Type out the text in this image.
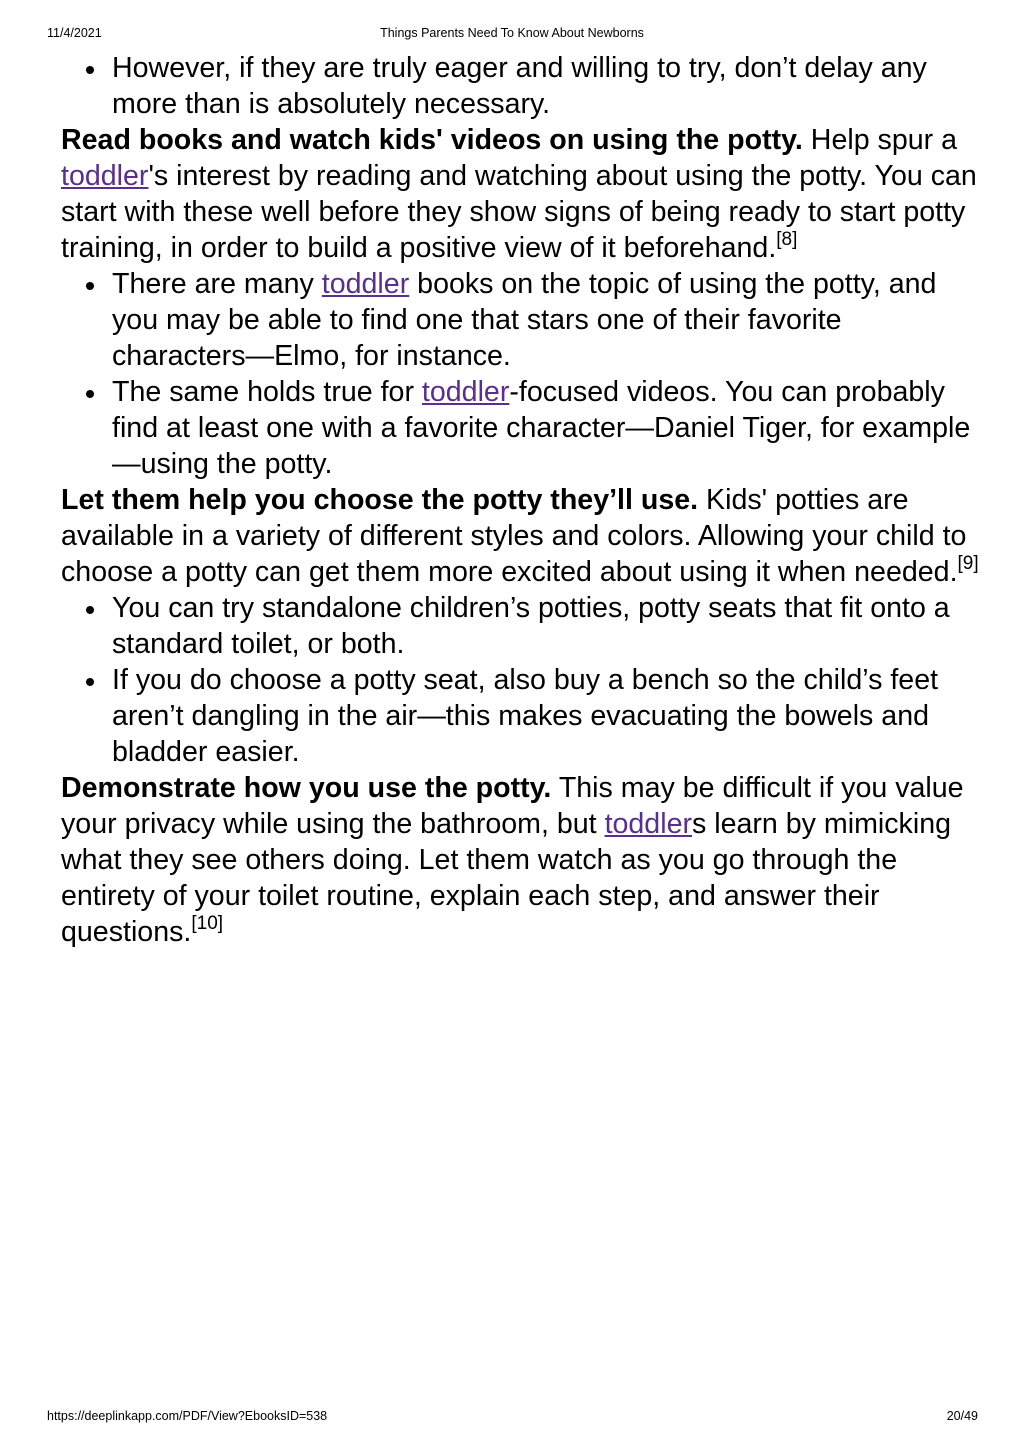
11/4/2021	Things Parents Need To Know About Newborns
However, if they are truly eager and willing to try, don’t delay any more than is absolutely necessary.

Read books and watch kids' videos on using the potty. Help spur a toddler's interest by reading and watching about using the potty. You can start with these well before they show signs of being ready to start potty training, in order to build a positive view of it beforehand.[8]

There are many toddler books on the topic of using the potty, and you may be able to find one that stars one of their favorite characters—Elmo, for instance.
The same holds true for toddler-focused videos. You can probably find at least one with a favorite character—Daniel Tiger, for example—using the potty.

Let them help you choose the potty they’ll use. Kids' potties are available in a variety of different styles and colors. Allowing your child to choose a potty can get them more excited about using it when needed.[9]

You can try standalone children’s potties, potty seats that fit onto a standard toilet, or both.
If you do choose a potty seat, also buy a bench so the child’s feet aren’t dangling in the air—this makes evacuating the bowels and bladder easier.

Demonstrate how you use the potty. This may be difficult if you value your privacy while using the bathroom, but toddlers learn by mimicking what they see others doing. Let them watch as you go through the entirety of your toilet routine, explain each step, and answer their questions.[10]

https://deeplinkapp.com/PDF/View?EbooksID=538	20/49
